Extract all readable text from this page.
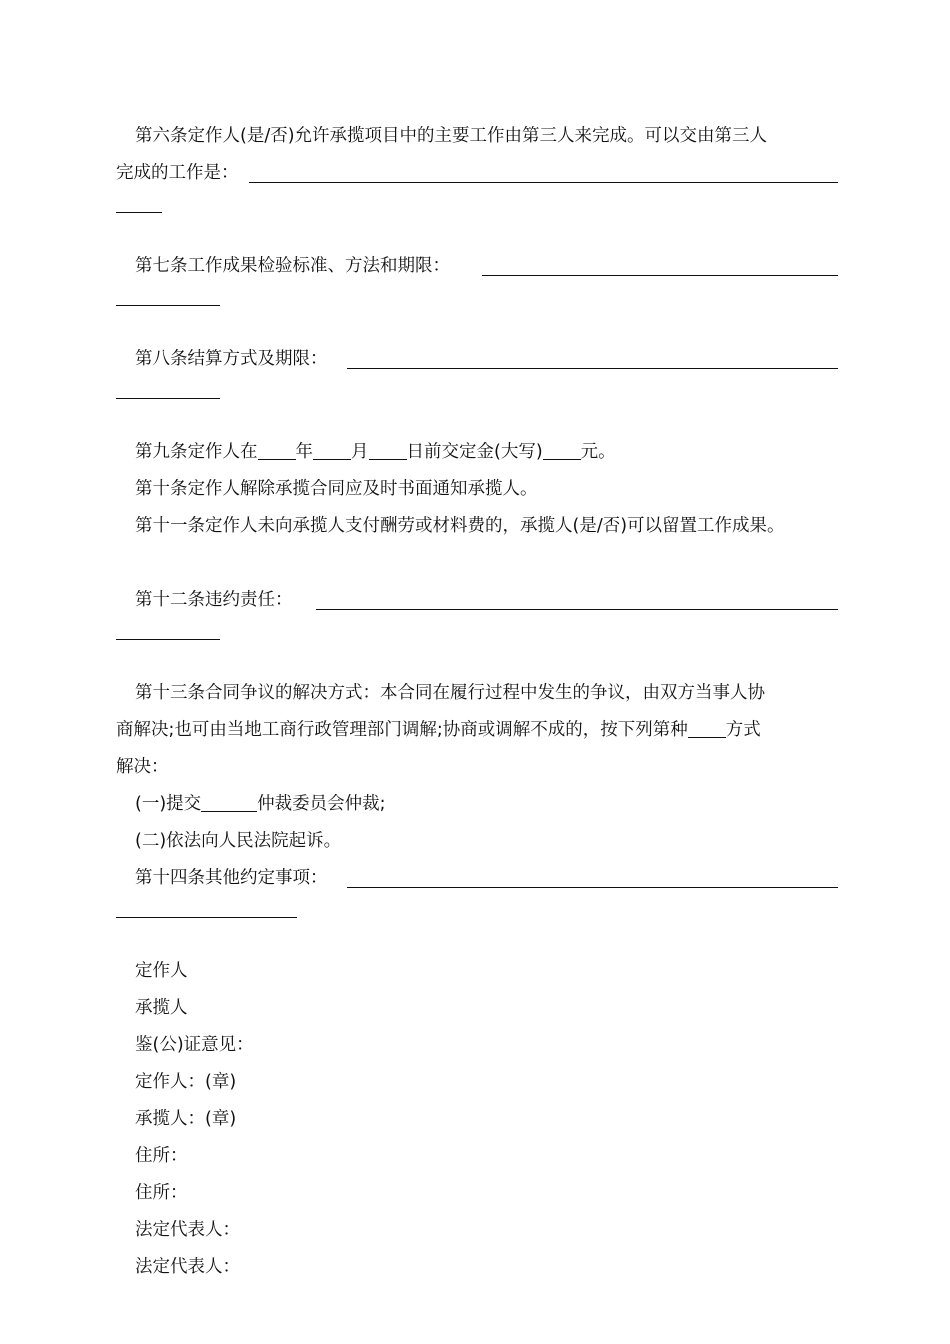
第六条定作人(是/否)允许承揽项目中的主要工作由第三人来完成。可以交由第三人
完成的工作是：
第七条工作成果检验标准、方法和期限：
第八条结算方式及期限：
第九条定作人在 年 月 日前交定金(大写) 元。
第十条定作人解除承揽合同应及时书面通知承揽人。
第十一条定作人未向承揽人支付酬劳或材料费的，承揽人(是/否)可以留置工作成果。
第十二条违约责任：
第十三条合同争议的解决方式：本合同在履行过程中发生的争议，由双方当事人协
商解决;也可由当地工商行政管理部门调解;协商或调解不成的，按下列第种 方式
解决：
(一)提交	仲裁委员会仲裁;
(二)依法向人民法院起诉。
第十四条其他约定事项：
定作人
承揽人
鉴(公)证意见：
定作人：(章)
承揽人：(章)
住所：
住所：
法定代表人：
法定代表人：
